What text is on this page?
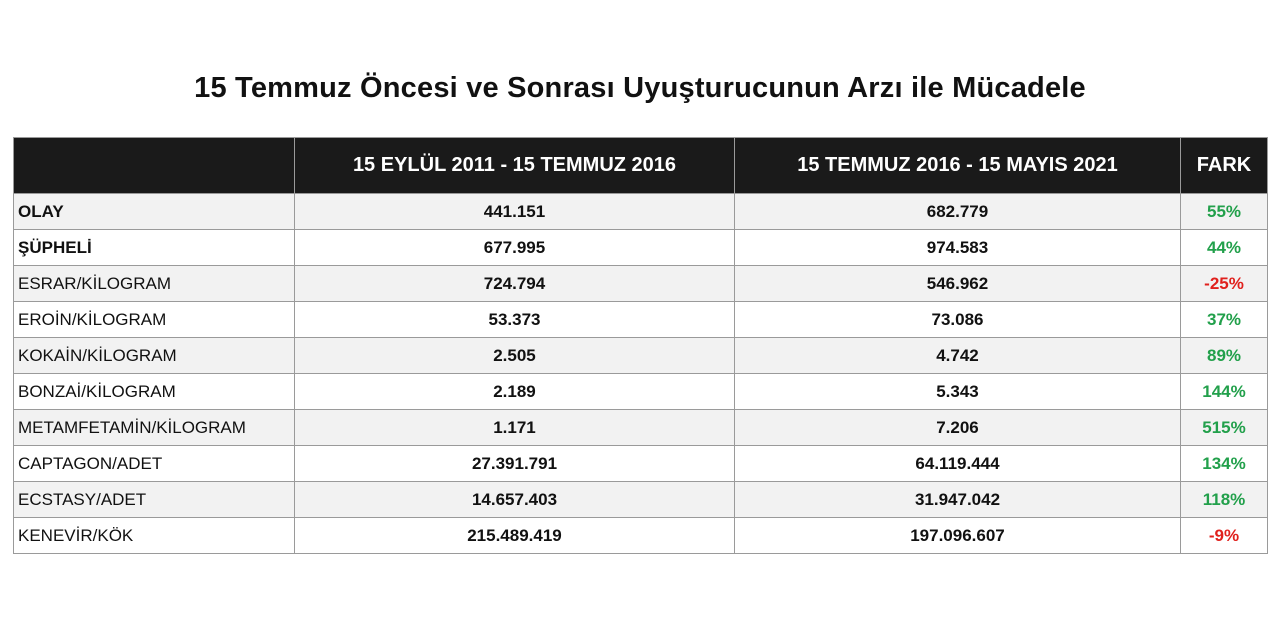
15 Temmuz Öncesi ve Sonrası Uyuşturucunun Arzı ile Mücadele
	15 EYLÜL 2011 - 15 TEMMUZ 2016	15 TEMMUZ 2016 - 15 MAYIS 2021	FARK
OLAY	441.151	682.779	55%
ŞÜPHELİ	677.995	974.583	44%
ESRAR/KİLOGRAM	724.794	546.962	-25%
EROİN/KİLOGRAM	53.373	73.086	37%
KOKAİN/KİLOGRAM	2.505	4.742	89%
BONZAİ/KİLOGRAM	2.189	5.343	144%
METAMFETAMİN/KİLOGRAM	1.171	7.206	515%
CAPTAGON/ADET	27.391.791	64.119.444	134%
ECSTASY/ADET	14.657.403	31.947.042	118%
KENEVİR/KÖK	215.489.419	197.096.607	-9%
